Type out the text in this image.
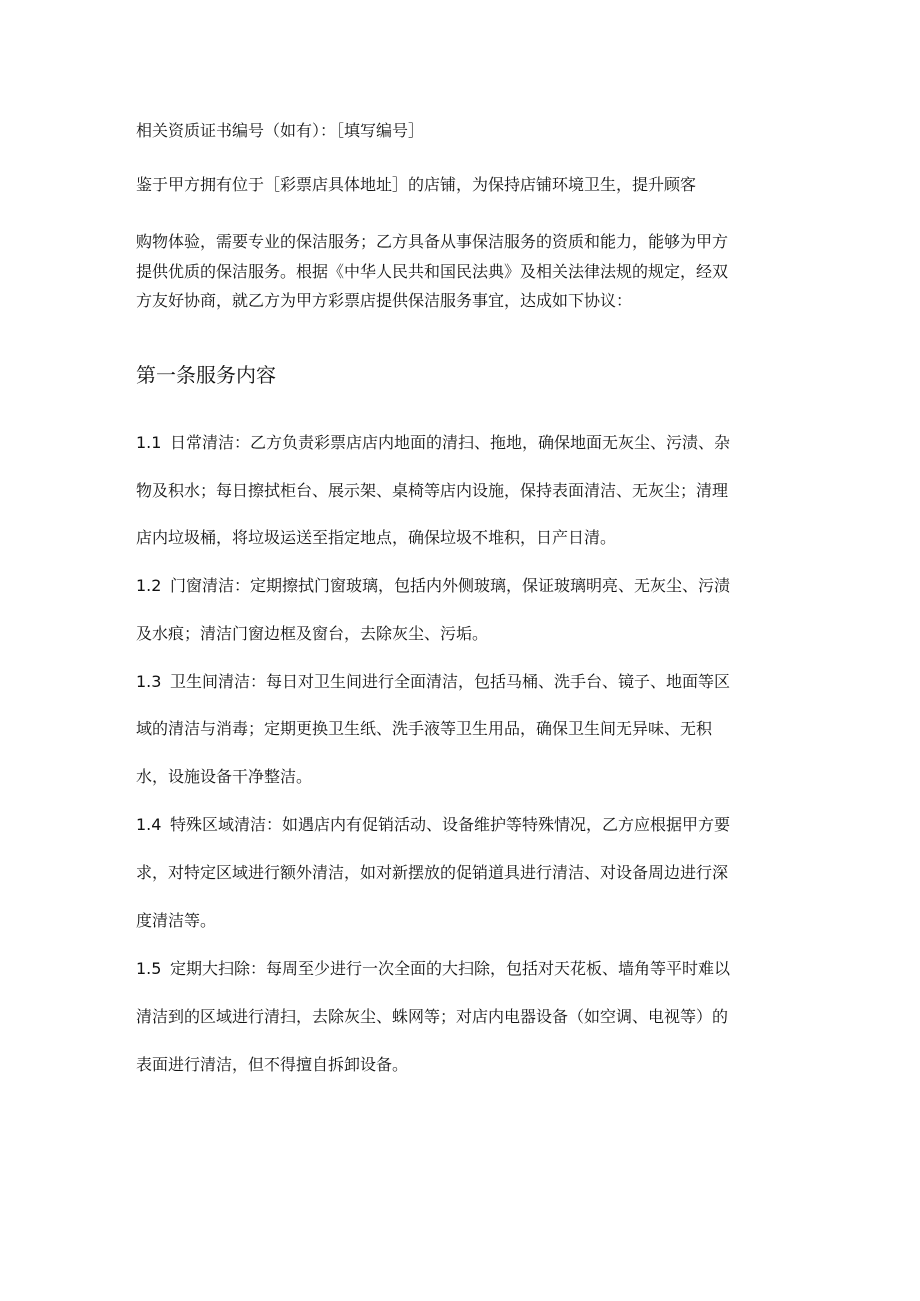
相关资质证书编号（如有）：［填写编号］
鉴于甲方拥有位于［彩票店具体地址］的店铺，为保持店铺环境卫生，提升顾客
购物体验，需要专业的保洁服务；乙方具备从事保洁服务的资质和能力，能够为甲方
提供优质的保洁服务。根据《中华人民共和国民法典》及相关法律法规的规定，经双
方友好协商，就乙方为甲方彩票店提供保洁服务事宜，达成如下协议：
第一条服务内容
1.1 日常清洁：乙方负责彩票店店内地面的清扫、拖地，确保地面无灰尘、污渍、杂
物及积水；每日擦拭柜台、展示架、桌椅等店内设施，保持表面清洁、无灰尘；清理
店内垃圾桶，将垃圾运送至指定地点，确保垃圾不堆积，日产日清。
1.2 门窗清洁：定期擦拭门窗玻璃，包括内外侧玻璃，保证玻璃明亮、无灰尘、污渍
及水痕；清洁门窗边框及窗台，去除灰尘、污垢。
1.3 卫生间清洁：每日对卫生间进行全面清洁，包括马桶、洗手台、镜子、地面等区
域的清洁与消毒；定期更换卫生纸、洗手液等卫生用品，确保卫生间无异味、无积
水，设施设备干净整洁。
1.4 特殊区域清洁：如遇店内有促销活动、设备维护等特殊情况，乙方应根据甲方要
求，对特定区域进行额外清洁，如对新摆放的促销道具进行清洁、对设备周边进行深
度清洁等。
1.5 定期大扫除：每周至少进行一次全面的大扫除，包括对天花板、墙角等平时难以
清洁到的区域进行清扫，去除灰尘、蛛网等；对店内电器设备（如空调、电视等）的
表面进行清洁，但不得擅自拆卸设备。
